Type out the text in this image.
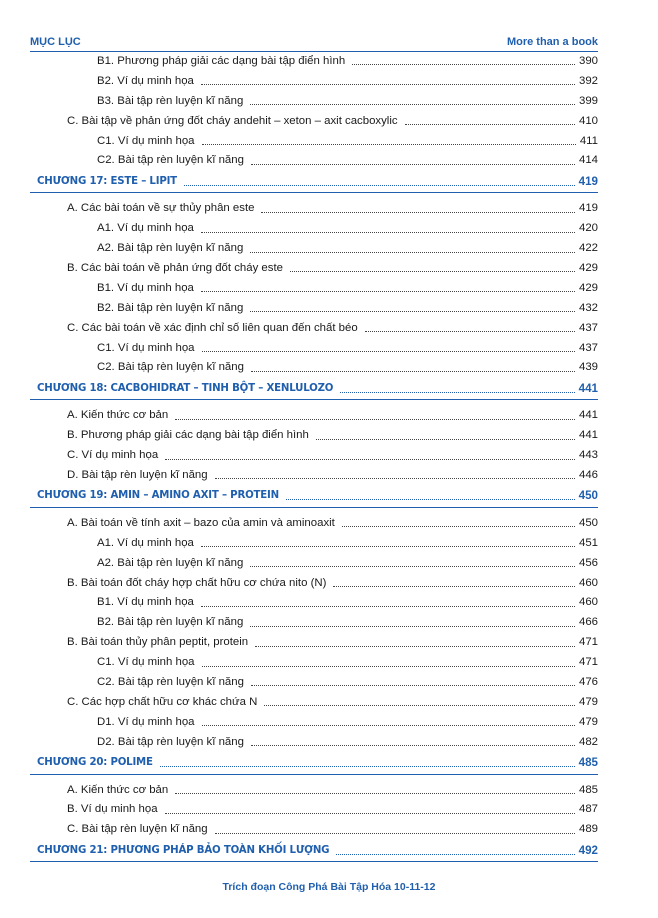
MỤC LỤC	More than a book
B1. Phương pháp giải các dạng bài tập điển hình	390
B2. Ví dụ minh họa	392
B3. Bài tập rèn luyện kĩ năng	399
C. Bài tập về phản ứng đốt cháy andehit – xeton – axit cacboxylic	410
C1. Ví dụ minh họa	411
C2. Bài tập rèn luyện kĩ năng	414
CHƯƠNG 17: ESTE – LIPIT	419
A. Các bài toán về sự thủy phân este	419
A1. Ví dụ minh họa	420
A2. Bài tập rèn luyện kĩ năng	422
B. Các bài toán về phản ứng đốt cháy este	429
B1. Ví dụ minh họa	429
B2. Bài tập rèn luyện kĩ năng	432
C. Các bài toán về xác định chỉ số liên quan đến chất béo	437
C1. Ví dụ minh họa	437
C2. Bài tập rèn luyện kĩ năng	439
CHƯƠNG 18: CACBOHIDRAT – TINH BỘT – XENLULOZO	441
A. Kiến thức cơ bản	441
B. Phương pháp giải các dạng bài tập điển hình	441
C. Ví dụ minh họa	443
D. Bài tập rèn luyện kĩ năng	446
CHƯƠNG 19: AMIN – AMINO AXIT – PROTEIN	450
A. Bài toán về tính axit – bazo của amin và aminoaxit	450
A1. Ví dụ minh họa	451
A2. Bài tập rèn luyện kĩ năng	456
B. Bài toán đốt cháy hợp chất hữu cơ chứa nito (N)	460
B1. Ví dụ minh họa	460
B2. Bài tập rèn luyện kĩ năng	466
B. Bài toán thủy phân peptit, protein	471
C1. Ví dụ minh họa	471
C2. Bài tập rèn luyện kĩ năng	476
C. Các hợp chất hữu cơ khác chứa N	479
D1. Ví dụ minh họa	479
D2. Bài tập rèn luyện kĩ năng	482
CHƯƠNG 20: POLIME	485
A. Kiến thức cơ bản	485
B. Ví dụ minh họa	487
C. Bài tập rèn luyện kĩ năng	489
CHƯƠNG 21: PHƯƠNG PHÁP BẢO TOÀN KHỐI LƯỢNG	492
Trích đoạn Công Phá Bài Tập Hóa 10-11-12
